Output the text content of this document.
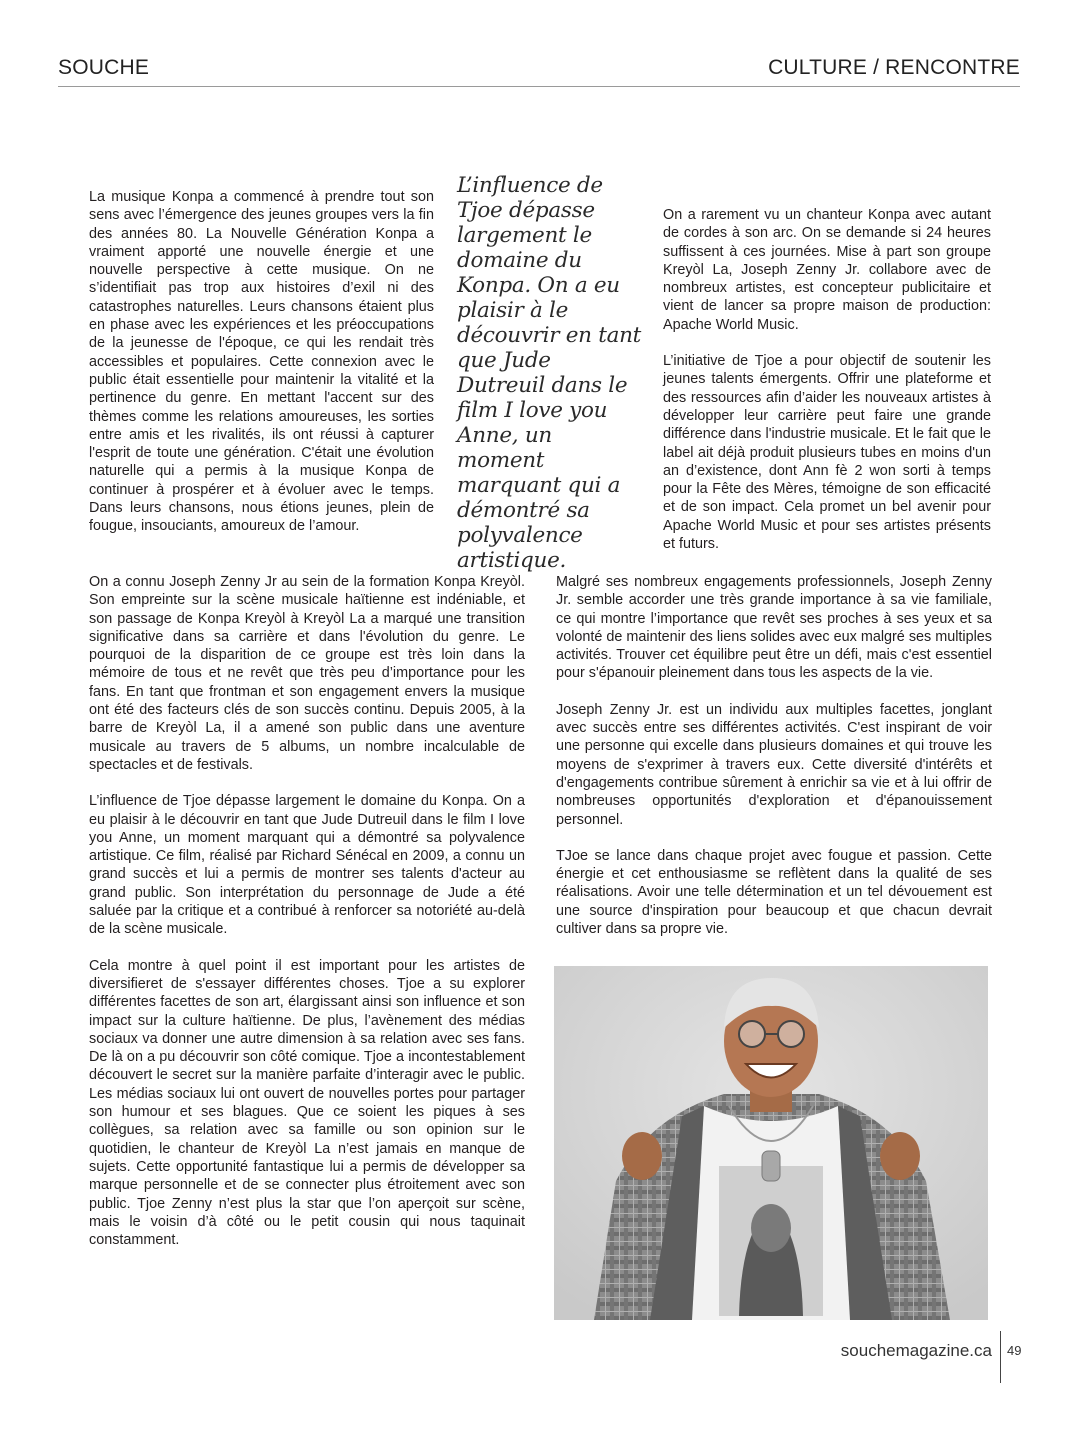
SOUCHE	CULTURE / RENCONTRE

La musique Konpa a commencé à prendre tout son sens avec l’émergence des jeunes groupes vers la fin des années 80. La Nouvelle Génération Konpa a vraiment apporté une nouvelle énergie et une nouvelle perspective à cette musique. On ne s’identifiait pas trop aux histoires d’exil ni des catastrophes naturelles. Leurs chansons étaient plus en phase avec les expériences et les préoccupations de la jeunesse de l'époque, ce qui les rendait très accessibles et populaires. Cette connexion avec le public était essentielle pour maintenir la vitalité et la pertinence du genre. En mettant l'accent sur des thèmes comme les relations amoureuses, les sorties entre amis et les rivalités, ils ont réussi à capturer l'esprit de toute une génération. C'était une évolution naturelle qui a permis à la musique Konpa de continuer à prospérer et à évoluer avec le temps. Dans leurs chansons, nous étions jeunes, plein de fougue, insouciants, amoureux de l’amour.

L’influence de Tjoe dépasse largement le domaine du Konpa. On a eu plaisir à le découvrir en tant que Jude Dutreuil dans le film I love you Anne, un moment marquant qui a démontré sa polyvalence artistique.

On a rarement vu un chanteur Konpa avec autant de cordes à son arc. On se demande si 24 heures suffissent à ces journées. Mise à part son groupe Kreyòl La, Joseph Zenny Jr. collabore avec de nombreux artistes, est concepteur publicitaire et vient de lancer sa propre maison de production: Apache World Music.

L’initiative de Tjoe a pour objectif de soutenir les jeunes talents émergents. Offrir une plateforme et des ressources afin d’aider les nouveaux artistes à développer leur carrière peut faire une grande différence dans l'industrie musicale. Et le fait que le label ait déjà produit plusieurs tubes en moins d'un an d’existence, dont Ann fè 2 won sorti à temps pour la Fête des Mères, témoigne de son efficacité et de son impact. Cela promet un bel avenir pour Apache World Music et pour ses artistes présents et futurs.

On a connu Joseph Zenny Jr au sein de la formation Konpa Kreyòl. Son empreinte sur la scène musicale haïtienne est indéniable, et son passage de Konpa Kreyòl à Kreyòl La a marqué une transition significative dans sa carrière et dans l'évolution du genre. Le pourquoi de la disparition de ce groupe est très loin dans la mémoire de tous et ne revêt que très peu d’importance pour les fans. En tant que frontman et son engagement envers la musique ont été des facteurs clés de son succès continu. Depuis 2005, à la barre de Kreyòl La, il a amené son public dans une aventure musicale au travers de 5 albums, un nombre incalculable de spectacles et de festivals.

L’influence de Tjoe dépasse largement le domaine du Konpa. On a eu plaisir à le découvrir en tant que Jude Dutreuil dans le film I love you Anne, un moment marquant qui a démontré sa polyvalence artistique. Ce film, réalisé par Richard Sénécal en 2009, a connu un grand succès et lui a permis de montrer ses talents d'acteur au grand public. Son interprétation du personnage de Jude a été saluée par la critique et a contribué à renforcer sa notoriété au-delà de la scène musicale.

Cela montre à quel point il est important pour les artistes de diversifieret de s'essayer différentes choses. Tjoe a su explorer différentes facettes de son art, élargissant ainsi son influence et son impact sur la culture haïtienne. De plus, l’avènement des médias sociaux va donner une autre dimension à sa relation avec ses fans. De là on a pu découvrir son côté comique. Tjoe a incontestablement découvert le secret sur la manière parfaite d’interagir avec le public. Les médias sociaux lui ont ouvert de nouvelles portes pour partager son humour et ses blagues. Que ce soient les piques à ses collègues, sa relation avec sa famille ou son opinion sur le quotidien, le chanteur de Kreyòl La n’est jamais en manque de sujets. Cette opportunité fantastique lui a permis de développer sa marque personnelle et de se connecter plus étroitement avec son public. Tjoe Zenny n’est plus la star que l’on aperçoit sur scène, mais le voisin d’à côté ou le petit cousin qui nous taquinait constamment.

Malgré ses nombreux engagements professionnels, Joseph Zenny Jr. semble accorder une très grande importance à sa vie familiale, ce qui montre l’importance que revêt ses proches à ses yeux et sa volonté de maintenir des liens solides avec eux malgré ses multiples activités. Trouver cet équilibre peut être un défi, mais c'est essentiel pour s'épanouir pleinement dans tous les aspects de la vie.

Joseph Zenny Jr. est un individu aux multiples facettes, jonglant avec succès entre ses différentes activités. C'est inspirant de voir une personne qui excelle dans plusieurs domaines et qui trouve les moyens de s'exprimer à travers eux. Cette diversité d'intérêts et d'engagements contribue sûrement à enrichir sa vie et à lui offrir de nombreuses opportunités d'exploration et d'épanouissement personnel.

TJoe se lance dans chaque projet avec fougue et passion. Cette énergie et cet enthousiasme se reflètent dans la qualité de ses réalisations. Avoir une telle détermination et un tel dévouement est une source d'inspiration pour beaucoup et que chacun devrait cultiver dans sa propre vie.

souchemagazine.ca 49
